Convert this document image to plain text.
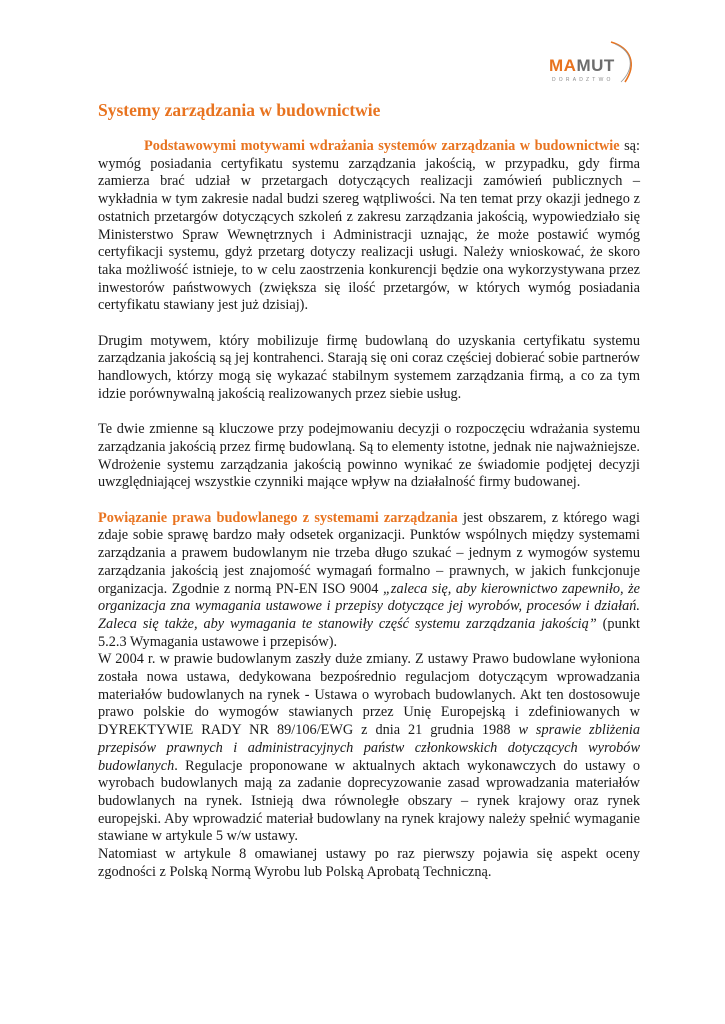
MAMUT
DORADZTWO
Systemy zarządzania w budownictwie

Podstawowymi motywami wdrażania systemów zarządzania w budownictwie są: wymóg posiadania certyfikatu systemu zarządzania jakością, w przypadku, gdy firma zamierza brać udział w przetargach dotyczących realizacji zamówień publicznych – wykładnia w tym zakresie nadal budzi szereg wątpliwości. Na ten temat przy okazji jednego z ostatnich przetargów dotyczących szkoleń z zakresu zarządzania jakością, wypowiedziało się Ministerstwo Spraw Wewnętrznych i Administracji uznając, że może postawić wymóg certyfikacji systemu, gdyż przetarg dotyczy realizacji usługi. Należy wnioskować, że skoro taka możliwość istnieje, to w celu zaostrzenia konkurencji będzie ona wykorzystywana przez inwestorów państwowych (zwiększa się ilość przetargów, w których wymóg posiadania certyfikatu stawiany jest już dzisiaj).

Drugim motywem, który mobilizuje firmę budowlaną do uzyskania certyfikatu systemu zarządzania jakością są jej kontrahenci. Starają się oni coraz częściej dobierać sobie partnerów handlowych, którzy mogą się wykazać stabilnym systemem zarządzania firmą, a co za tym idzie porównywalną jakością realizowanych przez siebie usług.

Te dwie zmienne są kluczowe przy podejmowaniu decyzji o rozpoczęciu wdrażania systemu zarządzania jakością przez firmę budowlaną. Są to elementy istotne, jednak nie najważniejsze. Wdrożenie systemu zarządzania jakością powinno wynikać ze świadomie podjętej decyzji uwzględniającej wszystkie czynniki mające wpływ na działalność firmy budowanej.

Powiązanie prawa budowlanego z systemami zarządzania jest obszarem, z którego wagi zdaje sobie sprawę bardzo mały odsetek organizacji. Punktów wspólnych między systemami zarządzania a prawem budowlanym nie trzeba długo szukać – jednym z wymogów systemu zarządzania jakością jest znajomość wymagań formalno – prawnych, w jakich funkcjonuje organizacja. Zgodnie z normą PN-EN ISO 9004 „zaleca się, aby kierownictwo zapewniło, że organizacja zna wymagania ustawowe i przepisy dotyczące jej wyrobów, procesów i działań. Zaleca się także, aby wymagania te stanowiły część systemu zarządzania jakością” (punkt 5.2.3 Wymagania ustawowe i przepisów).

W 2004 r. w prawie budowlanym zaszły duże zmiany. Z ustawy Prawo budowlane wyłoniona została nowa ustawa, dedykowana bezpośrednio regulacjom dotyczącym wprowadzania materiałów budowlanych na rynek - Ustawa o wyrobach budowlanych. Akt ten dostosowuje prawo polskie do wymogów stawianych przez Unię Europejską i zdefiniowanych w DYREKTYWIE RADY NR 89/106/EWG z dnia 21 grudnia 1988 w sprawie zbliżenia przepisów prawnych i administracyjnych państw członkowskich dotyczących wyrobów budowlanych. Regulacje proponowane w aktualnych aktach wykonawczych do ustawy o wyrobach budowlanych mają za zadanie doprecyzowanie zasad wprowadzania materiałów budowlanych na rynek. Istnieją dwa równoległe obszary – rynek krajowy oraz rynek europejski. Aby wprowadzić materiał budowlany na rynek krajowy należy spełnić wymaganie stawiane w artykule 5 w/w ustawy.

Natomiast w artykule 8 omawianej ustawy po raz pierwszy pojawia się aspekt oceny zgodności z Polską Normą Wyrobu lub Polską Aprobatą Techniczną.
